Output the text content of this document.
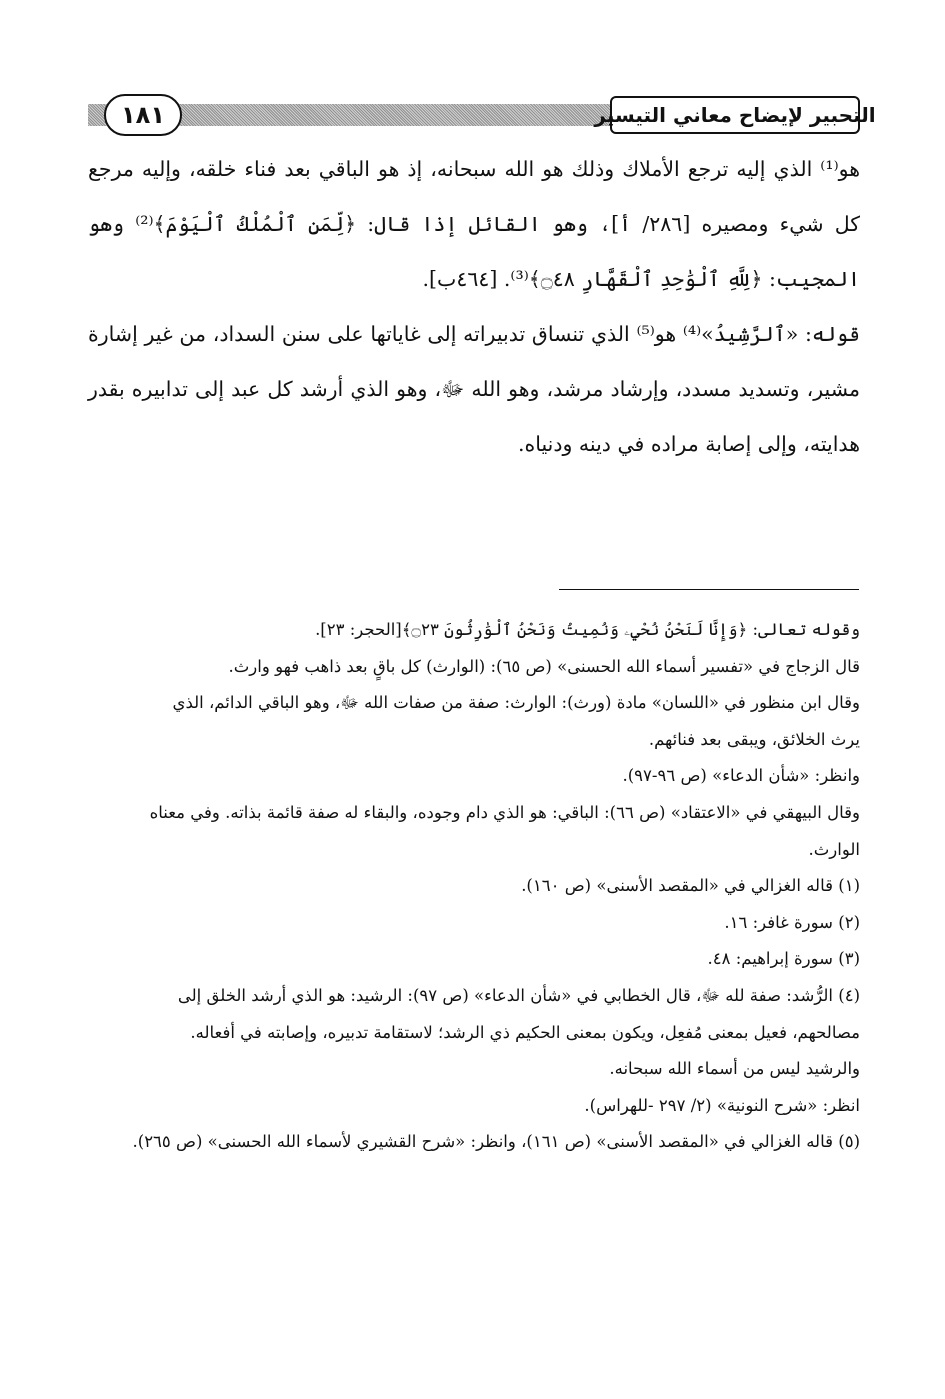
التحبير لإيضاح معاني التيسير
١٨١

هو⁽¹⁾ الذي إليه ترجع الأملاك وذلك هو الله سبحانه، إذ هو الباقي بعد فناء خلقه، وإليه مرجع كل شيء ومصيره [٢٨٦/ أ]، وهو القائل إذا قال: ﴿لِّمَنِ ٱلْمُلْكُ ٱلْيَوْمَ﴾⁽²⁾ وهو المجيب: ﴿لِلَّهِ ٱلْوَٰحِدِ ٱلْقَهَّارِ ۝٤٨﴾⁽³⁾. [٤٦٤ب].

قوله: «ٱلرَّشِيدُ»⁽⁴⁾ هو⁽⁵⁾ الذي تنساق تدبيراته إلى غاياتها على سنن السداد، من غير إشارة مشير، وتسديد مسدد، وإرشاد مرشد، وهو الله ﷻ، وهو الذي أرشد كل عبد إلى تدابيره بقدر هدايته، وإلى إصابة مراده في دينه ودنياه.

وقوله تعالى: ﴿وَإِنَّا لَنَحْنُ نُحْيِۦ وَنُمِيتُ وَنَحْنُ ٱلْوَٰرِثُونَ ۝٢٣﴾[الحجر: ٢٣].

قال الزجاج في «تفسير أسماء الله الحسنى» (ص ٦٥): (الوارث) كل باقٍ بعد ذاهب فهو وارث.

وقال ابن منظور في «اللسان» مادة (ورث): الوارث: صفة من صفات الله ﷻ، وهو الباقي الدائم، الذي

يرث الخلائق، ويبقى بعد فنائهم.

وانظر: «شأن الدعاء» (ص ٩٦-٩٧).

وقال البيهقي في «الاعتقاد» (ص ٦٦): الباقي: هو الذي دام وجوده، والبقاء له صفة قائمة بذاته. وفي معناه

الوارث.

(١) قاله الغزالي في «المقصد الأسنى» (ص ١٦٠).

(٢) سورة غافر: ١٦.

(٣) سورة إبراهيم: ٤٨.

(٤) الرُّشد: صفة لله ﷻ، قال الخطابي في «شأن الدعاء» (ص ٩٧): الرشيد: هو الذي أرشد الخلق إلى

مصالحهم، فعيل بمعنى مُفعِل، ويكون بمعنى الحكيم ذي الرشد؛ لاستقامة تدبيره، وإصابته في أفعاله.

والرشيد ليس من أسماء الله سبحانه.

انظر: «شرح النونية» (٢/ ٢٩٧ -للهراس).

(٥) قاله الغزالي في «المقصد الأسنى» (ص ١٦١)، وانظر: «شرح القشيري لأسماء الله الحسنى» (ص ٢٦٥).
